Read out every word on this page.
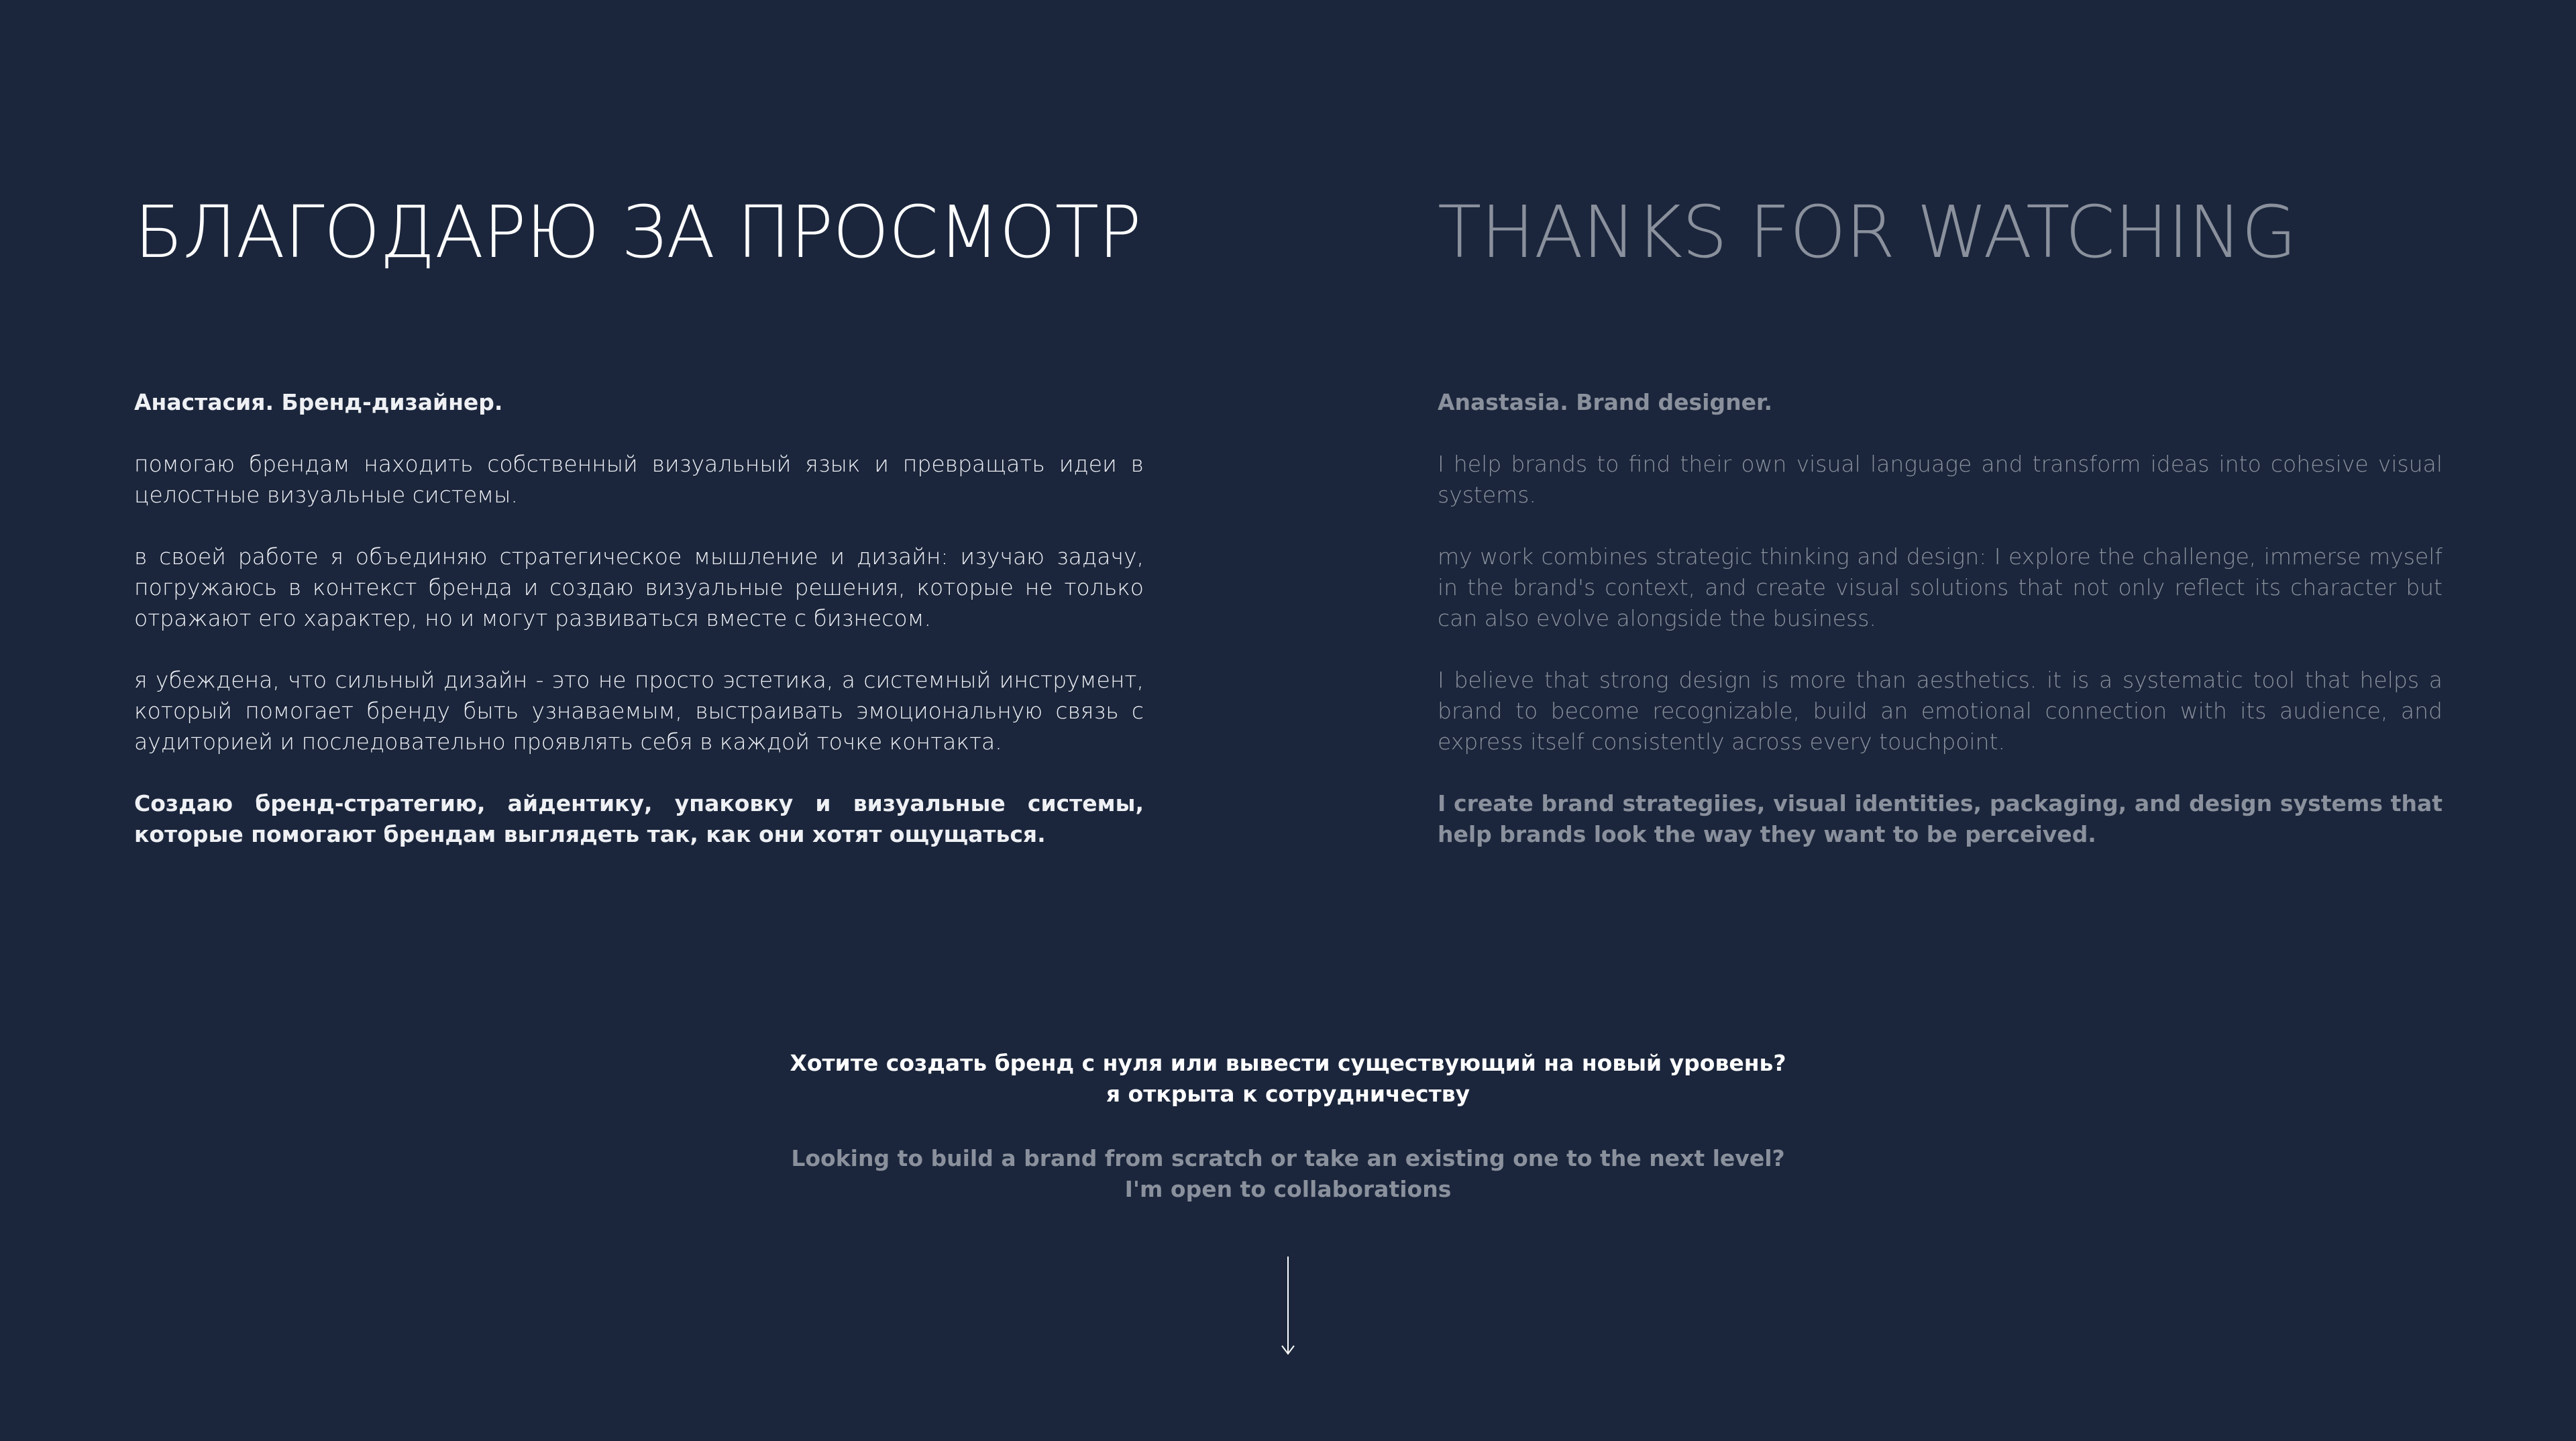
БЛАГОДАРЮ ЗА ПРОСМОТР

Анастасия. Бренд-дизайнер.

помогаю брендам находить собственный визуальный язык и превращать идеи в целостные визуальные системы.

в своей работе я объединяю стратегическое мышление и дизайн: изучаю задачу, погружаюсь в контекст бренда и создаю визуальные решения, которые не только отражают его характер, но и могут развиваться вместе с бизнесом.

я убеждена, что сильный дизайн - это не просто эстетика, а системный инструмент, который помогает бренду быть узнаваемым, выстраивать эмоциональную связь с аудиторией и последовательно проявлять себя в каждой точке контакта.

Создаю бренд-стратегию, айдентику, упаковку и визуальные системы, которые помогают брендам выглядеть так, как они хотят ощущаться.

THANKS FOR WATCHING

Anastasia. Brand designer.

I help brands to find their own visual language and transform ideas into cohesive visual systems.

my work combines strategic thinking and design: I explore the challenge, immerse myself in the brand's context, and create visual solutions that not only reflect its character but can also evolve alongside the business.

I believe that strong design is more than aesthetics. it is a systematic tool that helps a brand to become recognizable, build an emotional connection with its audience, and express itself consistently across every touchpoint.

I create brand strategiies, visual identities, packaging, and design systems that help brands look the way they want to be perceived.

Хотите создать бренд с нуля или вывести существующий на новый уровень?
я открыта к сотрудничеству
Looking to build a brand from scratch or take an existing one to the next level?
I'm open to collaborations
